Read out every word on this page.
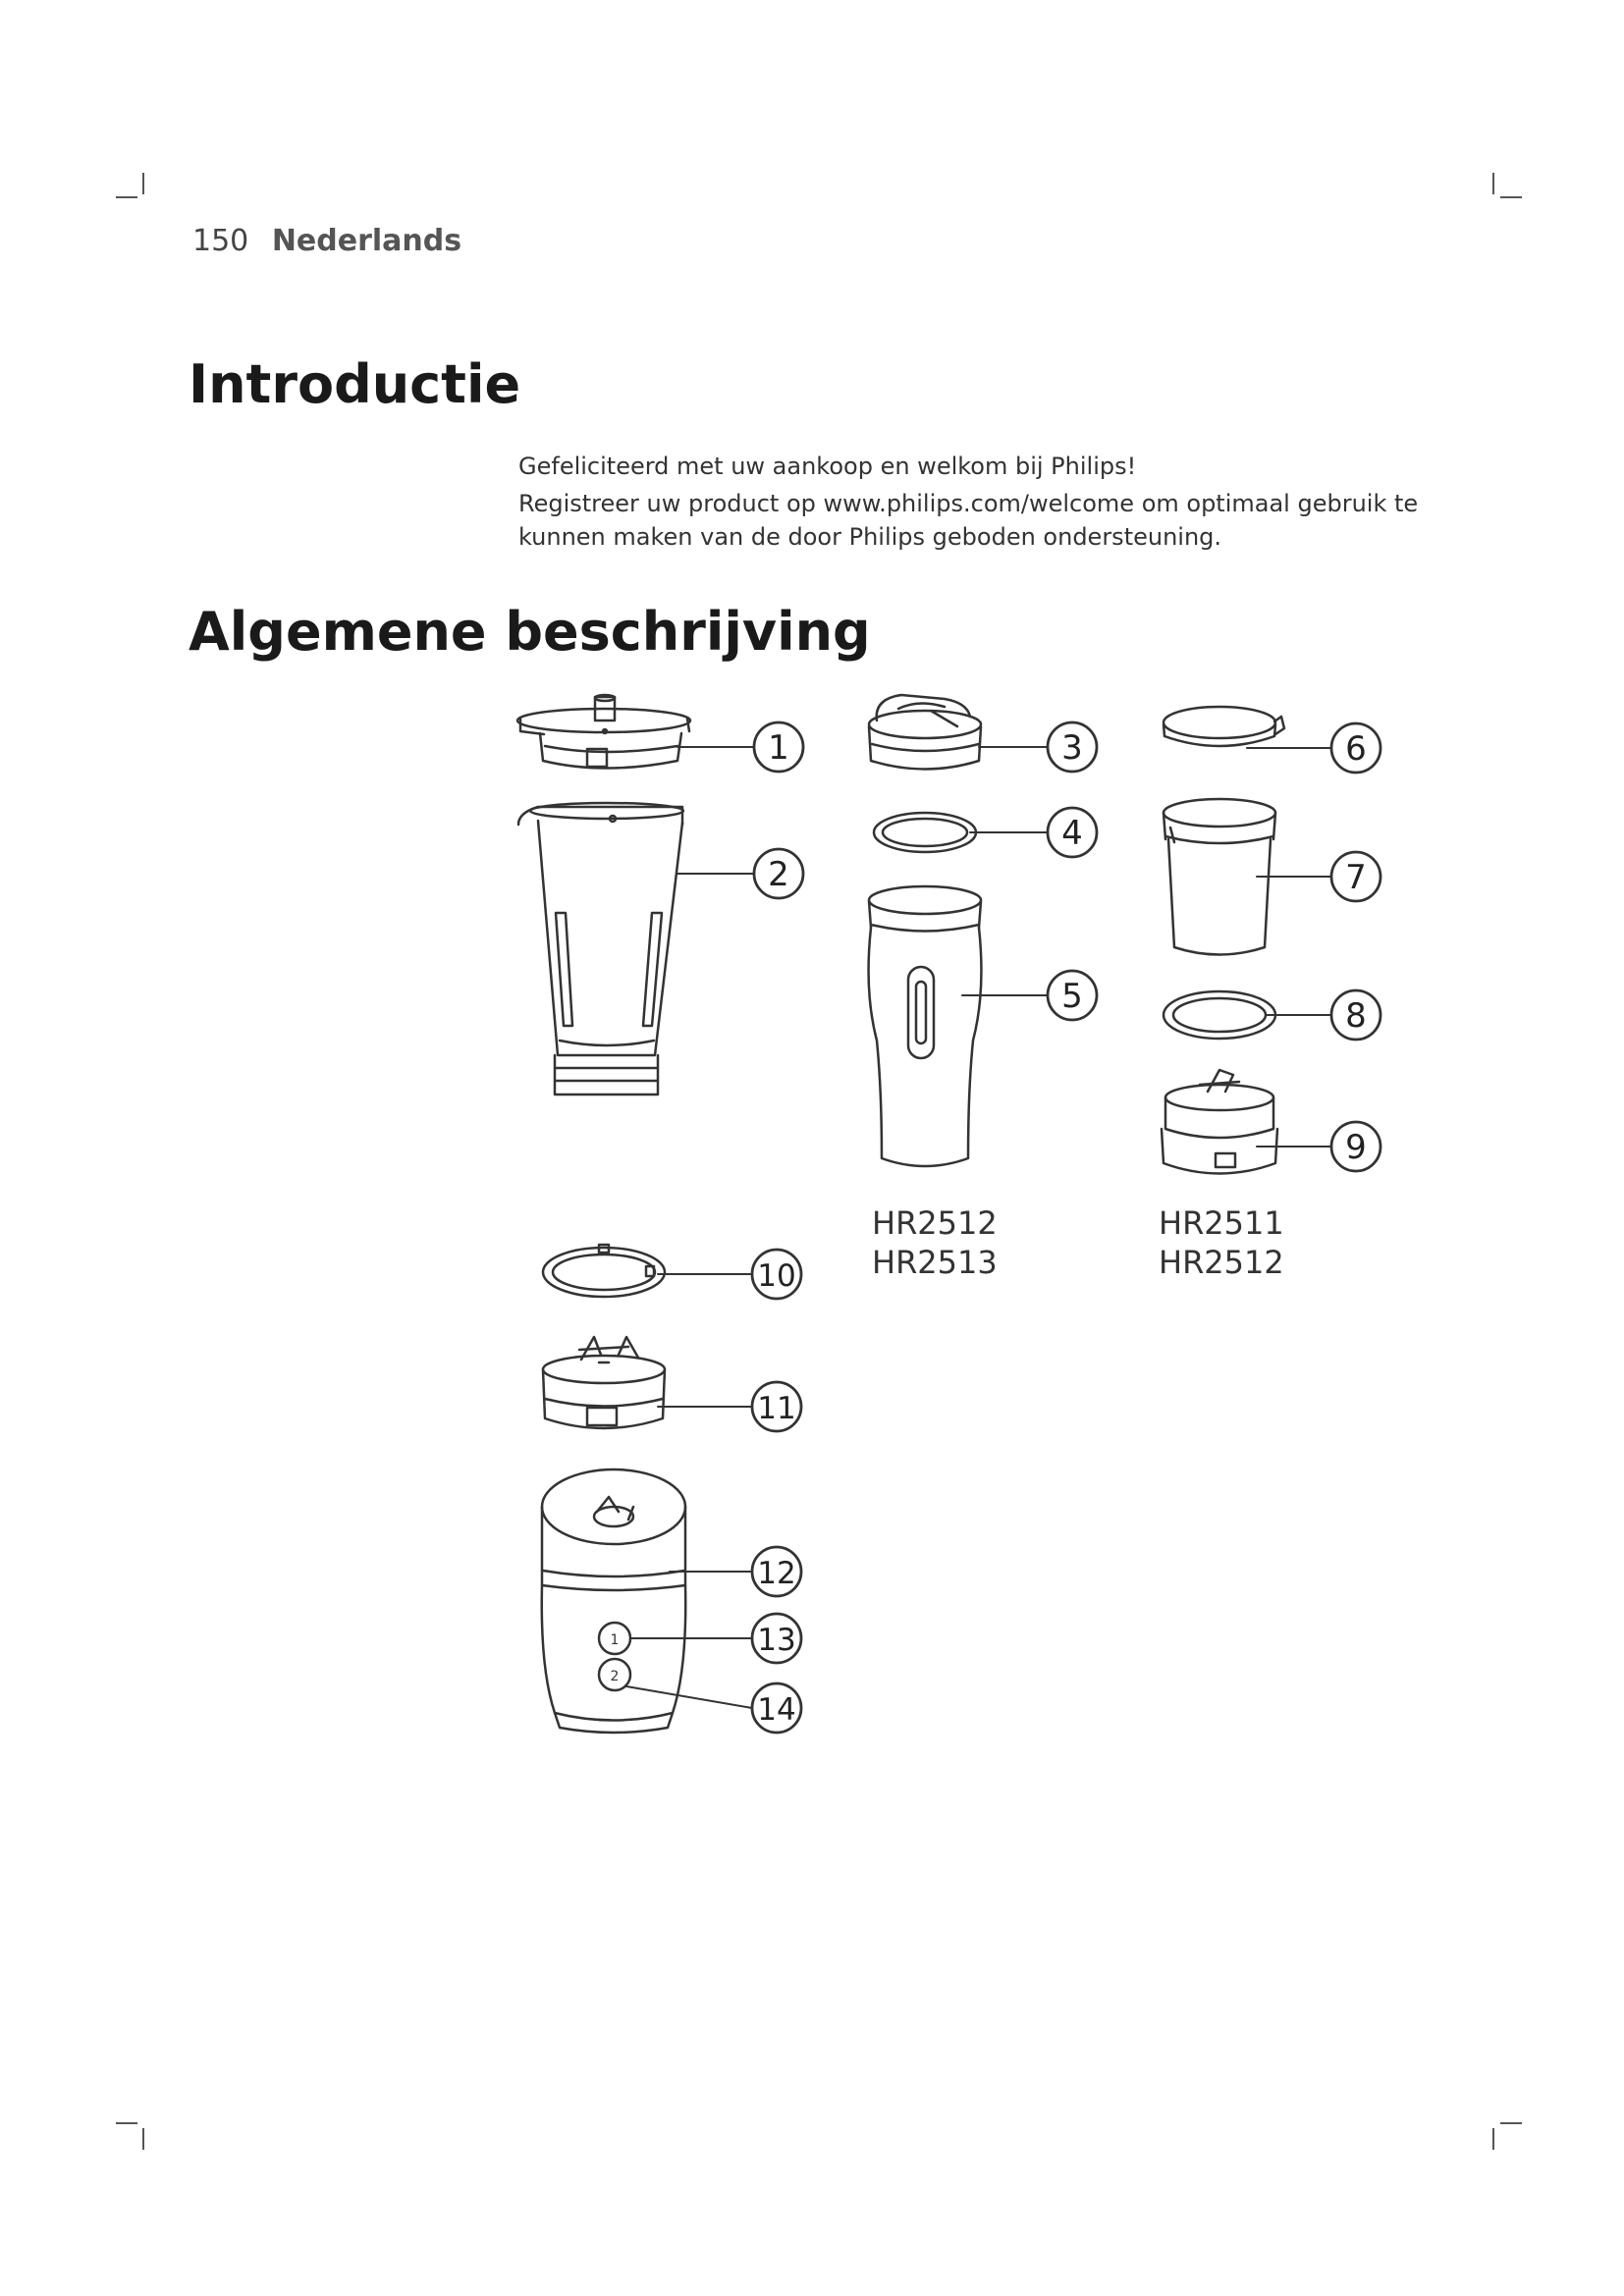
150 Nederlands
Introductie

Gefeliciteerd met uw aankoop en welkom bij Philips!

Registreer uw product op www.philips.com/welcome om optimaal gebruik te kunnen maken van de door Philips geboden ondersteuning.

Algemene beschrijving
1
2
1
2
3
4
5
6
7
8
9
10
11
12
13
14
HR2512
HR2513
HR2511
HR2512
